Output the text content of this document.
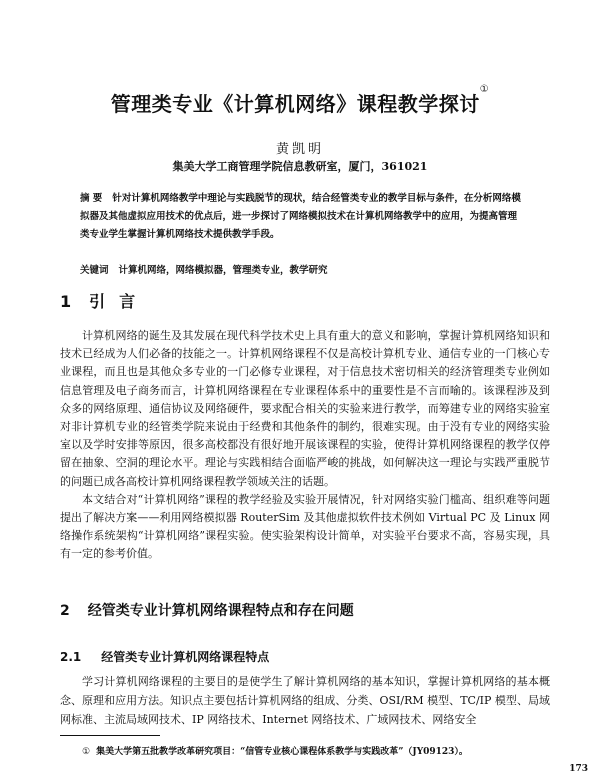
管理类专业《计算机网络》课程教学探讨①
黄凯明
集美大学工商管理学院信息教研室，厦门，361021
摘 要 针对计算机网络教学中理论与实践脱节的现状，结合经管类专业的教学目标与条件，在分析网络模拟器及其他虚拟应用技术的优点后，进一步探讨了网络模拟技术在计算机网络教学中的应用，为提高管理类专业学生掌握计算机网络技术提供教学手段。
关键词 计算机网络，网络模拟器，管理类专业，教学研究
1 引言

计算机网络的诞生及其发展在现代科学技术史上具有重大的意义和影响，掌握计算机网络知识和技术已经成为人们必备的技能之一。计算机网络课程不仅是高校计算机专业、通信专业的一门核心专业课程，而且也是其他众多专业的一门必修专业课程，对于信息技术密切相关的经济管理类专业例如信息管理及电子商务而言，计算机网络课程在专业课程体系中的重要性是不言而喻的。该课程涉及到众多的网络原理、通信协议及网络硬件，要求配合相关的实验来进行教学，而筹建专业的网络实验室对非计算机专业的经管类学院来说由于经费和其他条件的制约，很难实现。由于没有专业的网络实验室以及学时安排等原因，很多高校都没有很好地开展该课程的实验，使得计算机网络课程的教学仅停留在抽象、空洞的理论水平。理论与实践相结合面临严峻的挑战，如何解决这一理论与实践严重脱节的问题已成各高校计算机网络课程教学领域关注的话题。

本文结合对“计算机网络”课程的教学经验及实验开展情况，针对网络实验门槛高、组织难等问题提出了解决方案——利用网络模拟器 RouterSim 及其他虚拟软件技术例如 Virtual PC 及 Linux 网络操作系统架构“计算机网络”课程实验。使实验架构设计简单，对实验平台要求不高，容易实现，具有一定的参考价值。

2 经管类专业计算机网络课程特点和存在问题
2.1 经管类专业计算机网络课程特点

学习计算机网络课程的主要目的是使学生了解计算机网络的基本知识，掌握计算机网络的基本概念、原理和应用方法。知识点主要包括计算机网络的组成、分类、OSI/RM 模型、TC/IP 模型、局域网标准、主流局域网技术、IP 网络技术、Internet 网络技术、广域网技术、网络安全

① 集美大学第五批教学改革研究项目：“信管专业核心课程体系教学与实践改革”（JY09123）。
173
